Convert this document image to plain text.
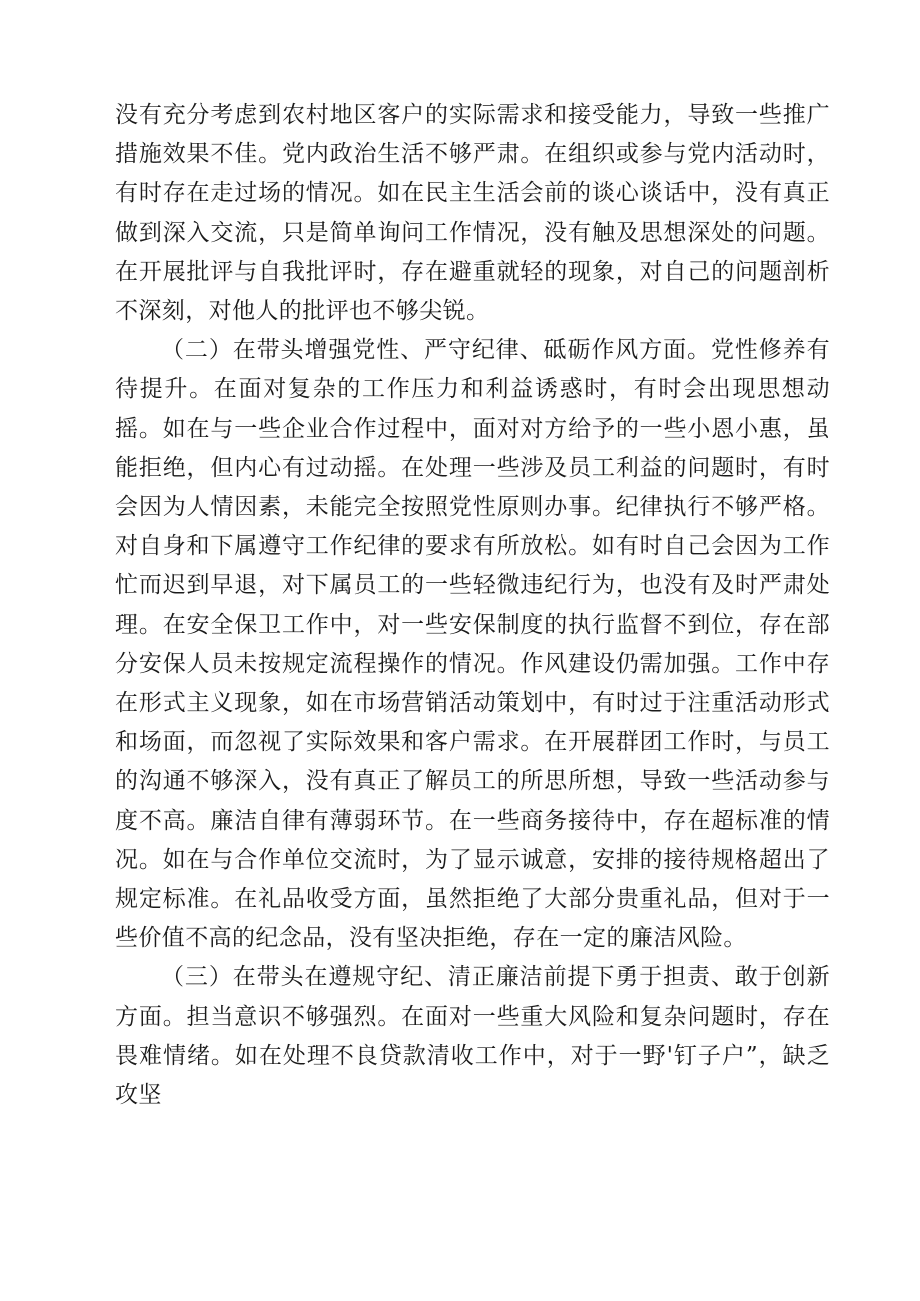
没有充分考虑到农村地区客户的实际需求和接受能力，导致一些推广措施效果不佳。党内政治生活不够严肃。在组织或参与党内活动时，有时存在走过场的情况。如在民主生活会前的谈心谈话中，没有真正做到深入交流，只是简单询问工作情况，没有触及思想深处的问题。在开展批评与自我批评时，存在避重就轻的现象，对自己的问题剖析不深刻，对他人的批评也不够尖锐。

（二）在带头增强党性、严守纪律、砥砺作风方面。党性修养有待提升。在面对复杂的工作压力和利益诱惑时，有时会出现思想动摇。如在与一些企业合作过程中，面对对方给予的一些小恩小惠，虽能拒绝，但内心有过动摇。在处理一些涉及员工利益的问题时，有时会因为人情因素，未能完全按照党性原则办事。纪律执行不够严格。对自身和下属遵守工作纪律的要求有所放松。如有时自己会因为工作忙而迟到早退，对下属员工的一些轻微违纪行为，也没有及时严肃处理。在安全保卫工作中，对一些安保制度的执行监督不到位，存在部分安保人员未按规定流程操作的情况。作风建设仍需加强。工作中存在形式主义现象，如在市场营销活动策划中，有时过于注重活动形式和场面，而忽视了实际效果和客户需求。在开展群团工作时，与员工的沟通不够深入，没有真正了解员工的所思所想，导致一些活动参与度不高。廉洁自律有薄弱环节。在一些商务接待中，存在超标准的情况。如在与合作单位交流时，为了显示诚意，安排的接待规格超出了规定标准。在礼品收受方面，虽然拒绝了大部分贵重礼品，但对于一些价值不高的纪念品，没有坚决拒绝，存在一定的廉洁风险。

（三）在带头在遵规守纪、清正廉洁前提下勇于担责、敢于创新方面。担当意识不够强烈。在面对一些重大风险和复杂问题时，存在畏难情绪。如在处理不良贷款清收工作中，对于一野'钉子户”，缺乏攻坚
